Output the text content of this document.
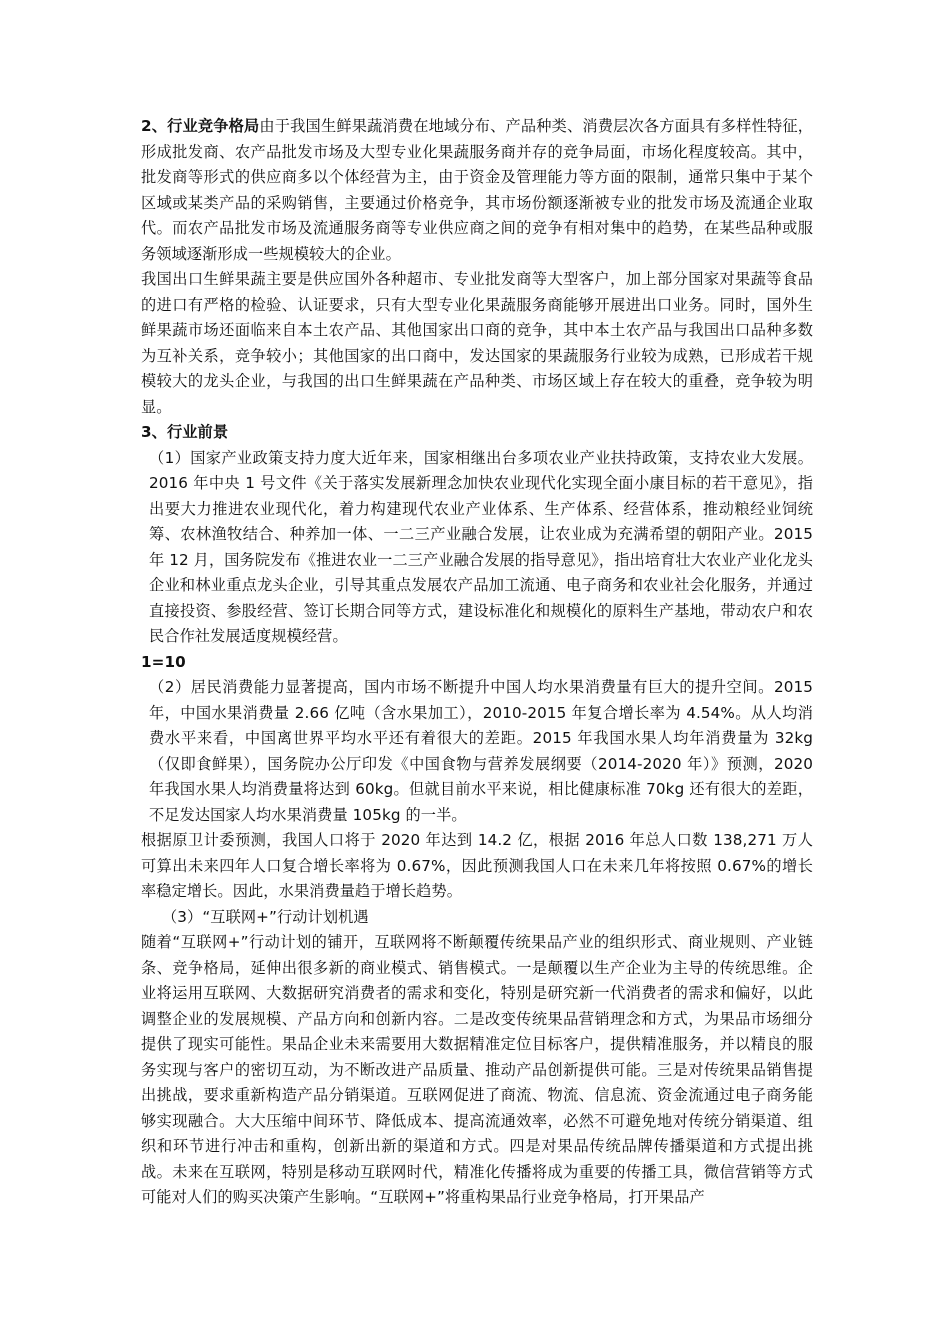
2、行业竞争格局由于我国生鲜果蔬消费在地域分布、产品种类、消费层次各方面具有多样性特征，形成批发商、农产品批发市场及大型专业化果蔬服务商并存的竞争局面，市场化程度较高。其中，批发商等形式的供应商多以个体经营为主，由于资金及管理能力等方面的限制，通常只集中于某个区域或某类产品的采购销售，主要通过价格竞争，其市场份额逐渐被专业的批发市场及流通企业取代。而农产品批发市场及流通服务商等专业供应商之间的竞争有相对集中的趋势，在某些品种或服务领域逐渐形成一些规模较大的企业。

我国出口生鲜果蔬主要是供应国外各种超市、专业批发商等大型客户，加上部分国家对果蔬等食品的进口有严格的检验、认证要求，只有大型专业化果蔬服务商能够开展进出口业务。同时，国外生鲜果蔬市场还面临来自本土农产品、其他国家出口商的竞争，其中本土农产品与我国出口品种多数为互补关系，竞争较小；其他国家的出口商中，发达国家的果蔬服务行业较为成熟，已形成若干规模较大的龙头企业，与我国的出口生鲜果蔬在产品种类、市场区域上存在较大的重叠，竞争较为明显。

3、行业前景

（1）国家产业政策支持力度大近年来，国家相继出台多项农业产业扶持政策，支持农业大发展。2016 年中央 1 号文件《关于落实发展新理念加快农业现代化实现全面小康目标的若干意见》，指出要大力推进农业现代化，着力构建现代农业产业体系、生产体系、经营体系，推动粮经业饲统筹、农林渔牧结合、种养加一体、一二三产业融合发展，让农业成为充满希望的朝阳产业。2015 年 12 月，国务院发布《推进农业一二三产业融合发展的指导意见》，指出培育壮大农业产业化龙头企业和林业重点龙头企业，引导其重点发展农产品加工流通、电子商务和农业社会化服务，并通过直接投资、参股经营、签订长期合同等方式，建设标准化和规模化的原料生产基地，带动农户和农民合作社发展适度规模经营。

1=10

（2）居民消费能力显著提高，国内市场不断提升中国人均水果消费量有巨大的提升空间。2015 年，中国水果消费量 2.66 亿吨（含水果加工），2010-2015 年复合增长率为 4.54%。从人均消费水平来看，中国离世界平均水平还有着很大的差距。2015 年我国水果人均年消费量为 32kg（仅即食鲜果），国务院办公厅印发《中国食物与营养发展纲要（2014-2020 年）》预测，2020 年我国水果人均消费量将达到 60kg。但就目前水平来说，相比健康标准 70kg 还有很大的差距，不足发达国家人均水果消费量 105kg 的一半。

根据原卫计委预测，我国人口将于 2020 年达到 14.2 亿，根据 2016 年总人口数 138,271 万人可算出未来四年人口复合增长率将为 0.67%，因此预测我国人口在未来几年将按照 0.67%的增长率稳定增长。因此，水果消费量趋于增长趋势。

（3）“互联网+”行动计划机遇

随着“互联网+”行动计划的铺开，互联网将不断颠覆传统果品产业的组织形式、商业规则、产业链条、竞争格局，延伸出很多新的商业模式、销售模式。一是颠覆以生产企业为主导的传统思维。企业将运用互联网、大数据研究消费者的需求和变化，特别是研究新一代消费者的需求和偏好，以此调整企业的发展规模、产品方向和创新内容。二是改变传统果品营销理念和方式，为果品市场细分提供了现实可能性。果品企业未来需要用大数据精准定位目标客户，提供精准服务，并以精良的服务实现与客户的密切互动，为不断改进产品质量、推动产品创新提供可能。三是对传统果品销售提出挑战，要求重新构造产品分销渠道。互联网促进了商流、物流、信息流、资金流通过电子商务能够实现融合。大大压缩中间环节、降低成本、提高流通效率，必然不可避免地对传统分销渠道、组织和环节进行冲击和重构，创新出新的渠道和方式。四是对果品传统品牌传播渠道和方式提出挑战。未来在互联网，特别是移动互联网时代，精准化传播将成为重要的传播工具，微信营销等方式可能对人们的购买决策产生影响。“互联网+”将重构果品行业竞争格局，打开果品产
